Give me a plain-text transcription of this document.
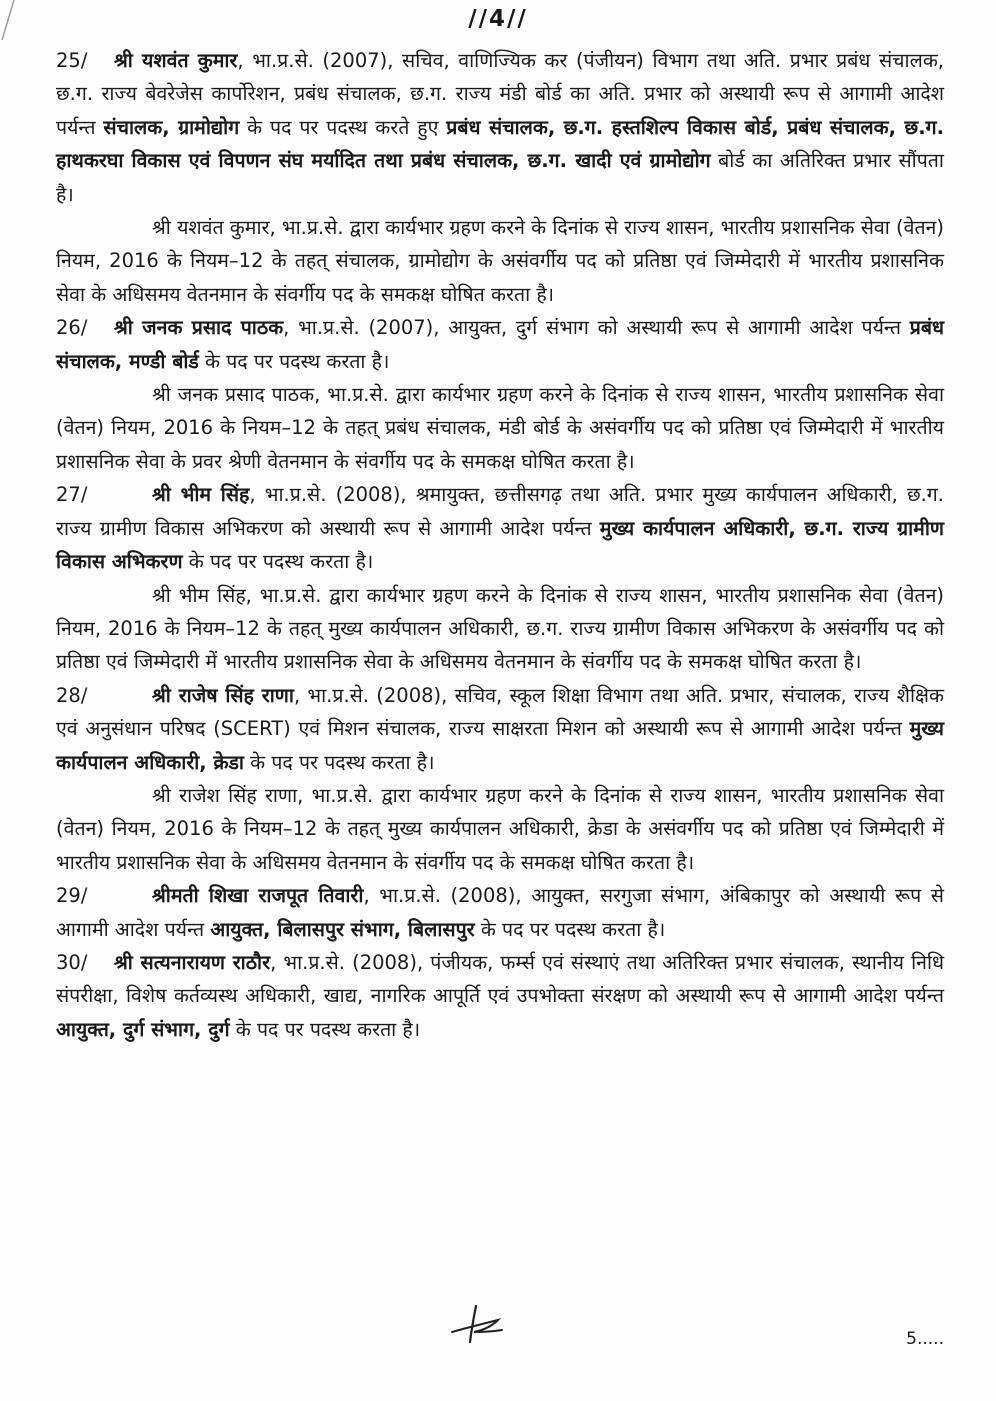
//4//

25/ श्री यशवंत कुमार, भा.प्र.से. (2007), सचिव, वाणिज्यिक कर (पंजीयन) विभाग तथा अति. प्रभार प्रबंध संचालक, छ.ग. राज्य बेवरेजेस कार्पोरेशन, प्रबंध संचालक, छ.ग. राज्य मंडी बोर्ड का अति. प्रभार को अस्थायी रूप से आगामी आदेश पर्यन्त संचालक, ग्रामोद्योग के पद पर पदस्थ करते हुए प्रबंध संचालक, छ.ग. हस्तशिल्प विकास बोर्ड, प्रबंध संचालक, छ.ग. हाथकरघा विकास एवं विपणन संघ मर्यादित तथा प्रबंध संचालक, छ.ग. खादी एवं ग्रामोद्योग बोर्ड का अतिरिक्त प्रभार सौंपता है।

श्री यशवंत कुमार, भा.प्र.से. द्वारा कार्यभार ग्रहण करने के दिनांक से राज्य शासन, भारतीय प्रशासनिक सेवा (वेतन) नियम, 2016 के नियम–12 के तहत् संचालक, ग्रामोद्योग के असंवर्गीय पद को प्रतिष्ठा एवं जिम्मेदारी में भारतीय प्रशासनिक सेवा के अधिसमय वेतनमान के संवर्गीय पद के समकक्ष घोषित करता है।

26/ श्री जनक प्रसाद पाठक, भा.प्र.से. (2007), आयुक्त, दुर्ग संभाग को अस्थायी रूप से आगामी आदेश पर्यन्त प्रबंध संचालक, मण्डी बोर्ड के पद पर पदस्थ करता है।

श्री जनक प्रसाद पाठक, भा.प्र.से. द्वारा कार्यभार ग्रहण करने के दिनांक से राज्य शासन, भारतीय प्रशासनिक सेवा (वेतन) नियम, 2016 के नियम–12 के तहत् प्रबंध संचालक, मंडी बोर्ड के असंवर्गीय पद को प्रतिष्ठा एवं जिम्मेदारी में भारतीय प्रशासनिक सेवा के प्रवर श्रेणी वेतनमान के संवर्गीय पद के समकक्ष घोषित करता है।

27/	श्री भीम सिंह, भा.प्र.से. (2008), श्रमायुक्त, छत्तीसगढ़ तथा अति. प्रभार मुख्य कार्यपालन अधिकारी, छ.ग. राज्य ग्रामीण विकास अभिकरण को अस्थायी रूप से आगामी आदेश पर्यन्त मुख्य कार्यपालन अधिकारी, छ.ग. राज्य ग्रामीण विकास अभिकरण के पद पर पदस्थ करता है।

श्री भीम सिंह, भा.प्र.से. द्वारा कार्यभार ग्रहण करने के दिनांक से राज्य शासन, भारतीय प्रशासनिक सेवा (वेतन) नियम, 2016 के नियम–12 के तहत् मुख्य कार्यपालन अधिकारी, छ.ग. राज्य ग्रामीण विकास अभिकरण के असंवर्गीय पद को प्रतिष्ठा एवं जिम्मेदारी में भारतीय प्रशासनिक सेवा के अधिसमय वेतनमान के संवर्गीय पद के समकक्ष घोषित करता है।

28/	श्री राजेष सिंह राणा, भा.प्र.से. (2008), सचिव, स्कूल शिक्षा विभाग तथा अति. प्रभार, संचालक, राज्य शैक्षिक एवं अनुसंधान परिषद (SCERT) एवं मिशन संचालक, राज्य साक्षरता मिशन को अस्थायी रूप से आगामी आदेश पर्यन्त मुख्य कार्यपालन अधिकारी, क्रेडा के पद पर पदस्थ करता है।

श्री राजेश सिंह राणा, भा.प्र.से. द्वारा कार्यभार ग्रहण करने के दिनांक से राज्य शासन, भारतीय प्रशासनिक सेवा (वेतन) नियम, 2016 के नियम–12 के तहत् मुख्य कार्यपालन अधिकारी, क्रेडा के असंवर्गीय पद को प्रतिष्ठा एवं जिम्मेदारी में भारतीय प्रशासनिक सेवा के अधिसमय वेतनमान के संवर्गीय पद के समकक्ष घोषित करता है।

29/	श्रीमती शिखा राजपूत तिवारी, भा.प्र.से. (2008), आयुक्त, सरगुजा संभाग, अंबिकापुर को अस्थायी रूप से आगामी आदेश पर्यन्त आयुक्त, बिलासपुर संभाग, बिलासपुर के पद पर पदस्थ करता है।

30/ श्री सत्यनारायण राठौर, भा.प्र.से. (2008), पंजीयक, फर्म्स एवं संस्थाएं तथा अतिरिक्त प्रभार संचालक, स्थानीय निधि संपरीक्षा, विशेष कर्तव्यस्थ अधिकारी, खाद्य, नागरिक आपूर्ति एवं उपभोक्ता संरक्षण को अस्थायी रूप से आगामी आदेश पर्यन्त आयुक्त, दुर्ग संभाग, दुर्ग के पद पर पदस्थ करता है।

5.....
